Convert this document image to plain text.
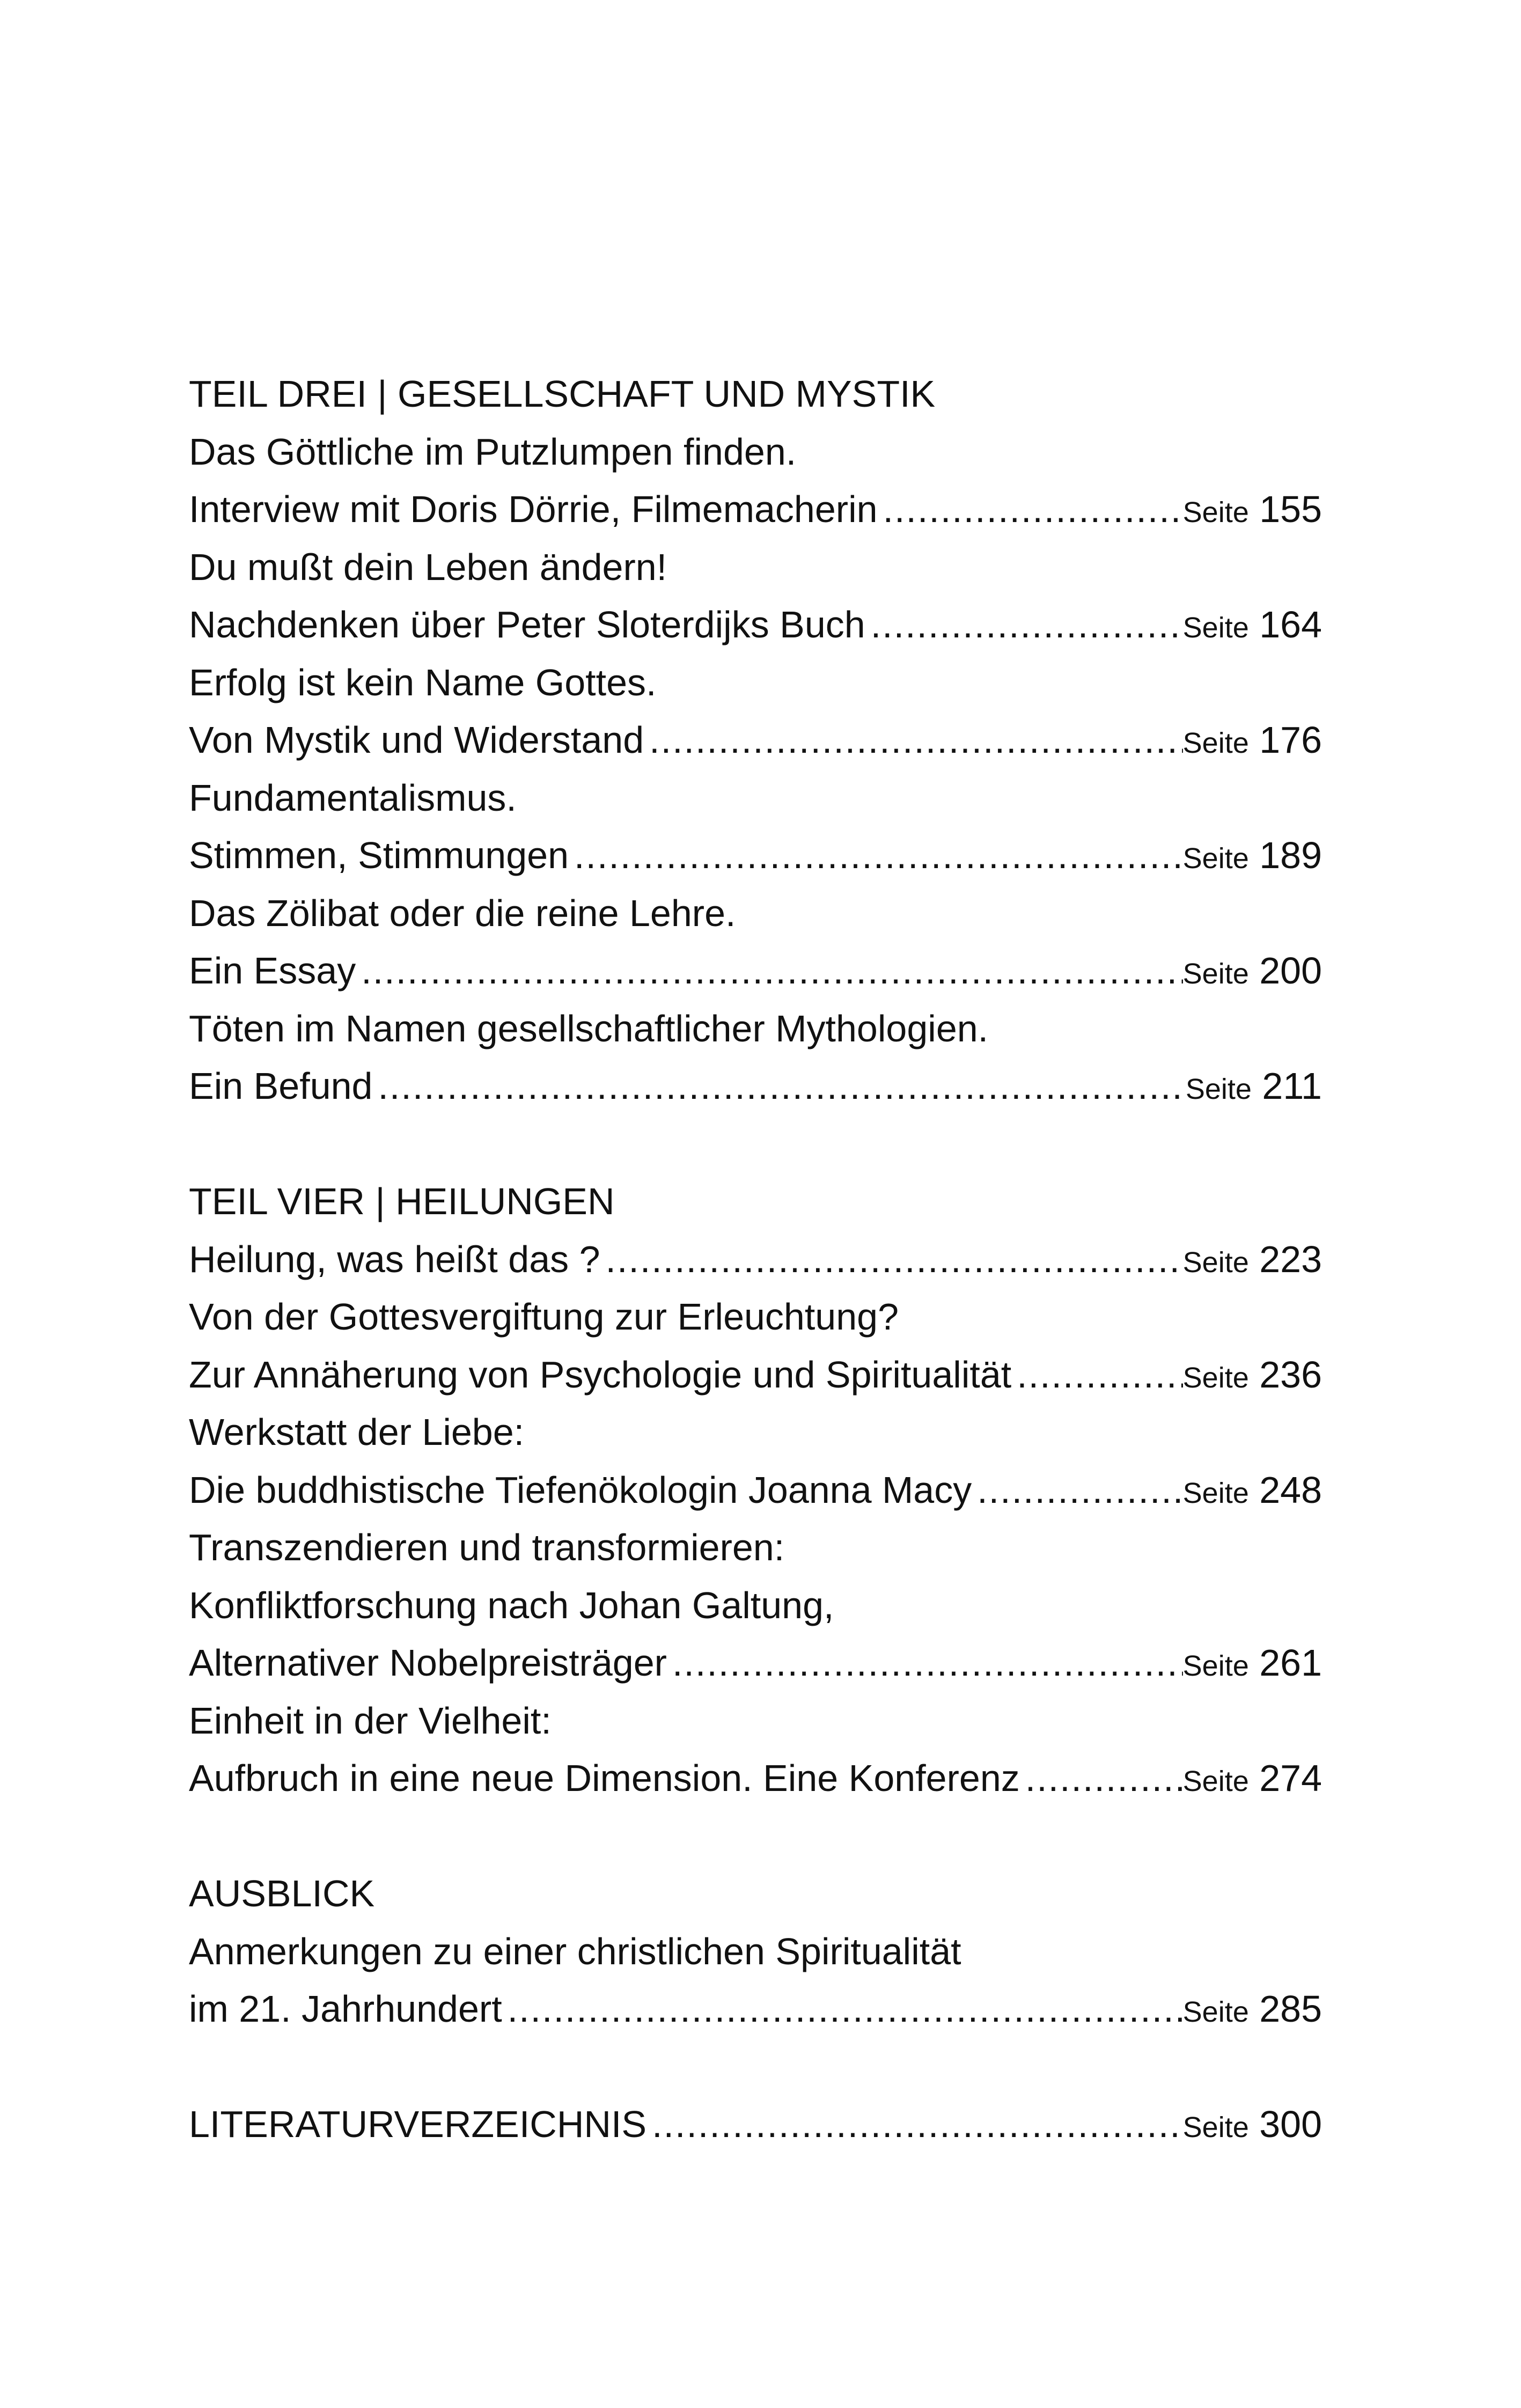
TEIL DREI | GESELLSCHAFT UND MYSTIK
Das Göttliche im Putzlumpen finden.
Interview mit Doris Dörrie, Filmemacherin .....	Seite 155
Du mußt dein Leben ändern!
Nachdenken über Peter Sloterdijks Buch .....	Seite 164
Erfolg ist kein Name Gottes.
Von Mystik und Widerstand .....	Seite 176
Fundamentalismus.
Stimmen, Stimmungen .....	Seite 189
Das Zölibat oder die reine Lehre.
Ein Essay .....	Seite 200
Töten im Namen gesellschaftlicher Mythologien.
Ein Befund .....	Seite 211
TEIL VIER | HEILUNGEN
Heilung, was heißt das ? .....	Seite 223
Von der Gottesvergiftung zur Erleuchtung?
Zur Annäherung von Psychologie und Spiritualität .....	Seite 236
Werkstatt der Liebe:
Die buddhistische Tiefenökologin Joanna Macy .....	Seite 248
Transzendieren und transformieren:
Konfliktforschung nach Johan Galtung,
Alternativer Nobelpreisträger .....	Seite 261
Einheit in der Vielheit:
Aufbruch in eine neue Dimension. Eine Konferenz .....	Seite 274
AUSBLICK
Anmerkungen zu einer christlichen Spiritualität
im 21. Jahrhundert .....	Seite 285
LITERATURVERZEICHNIS .....	Seite 300
